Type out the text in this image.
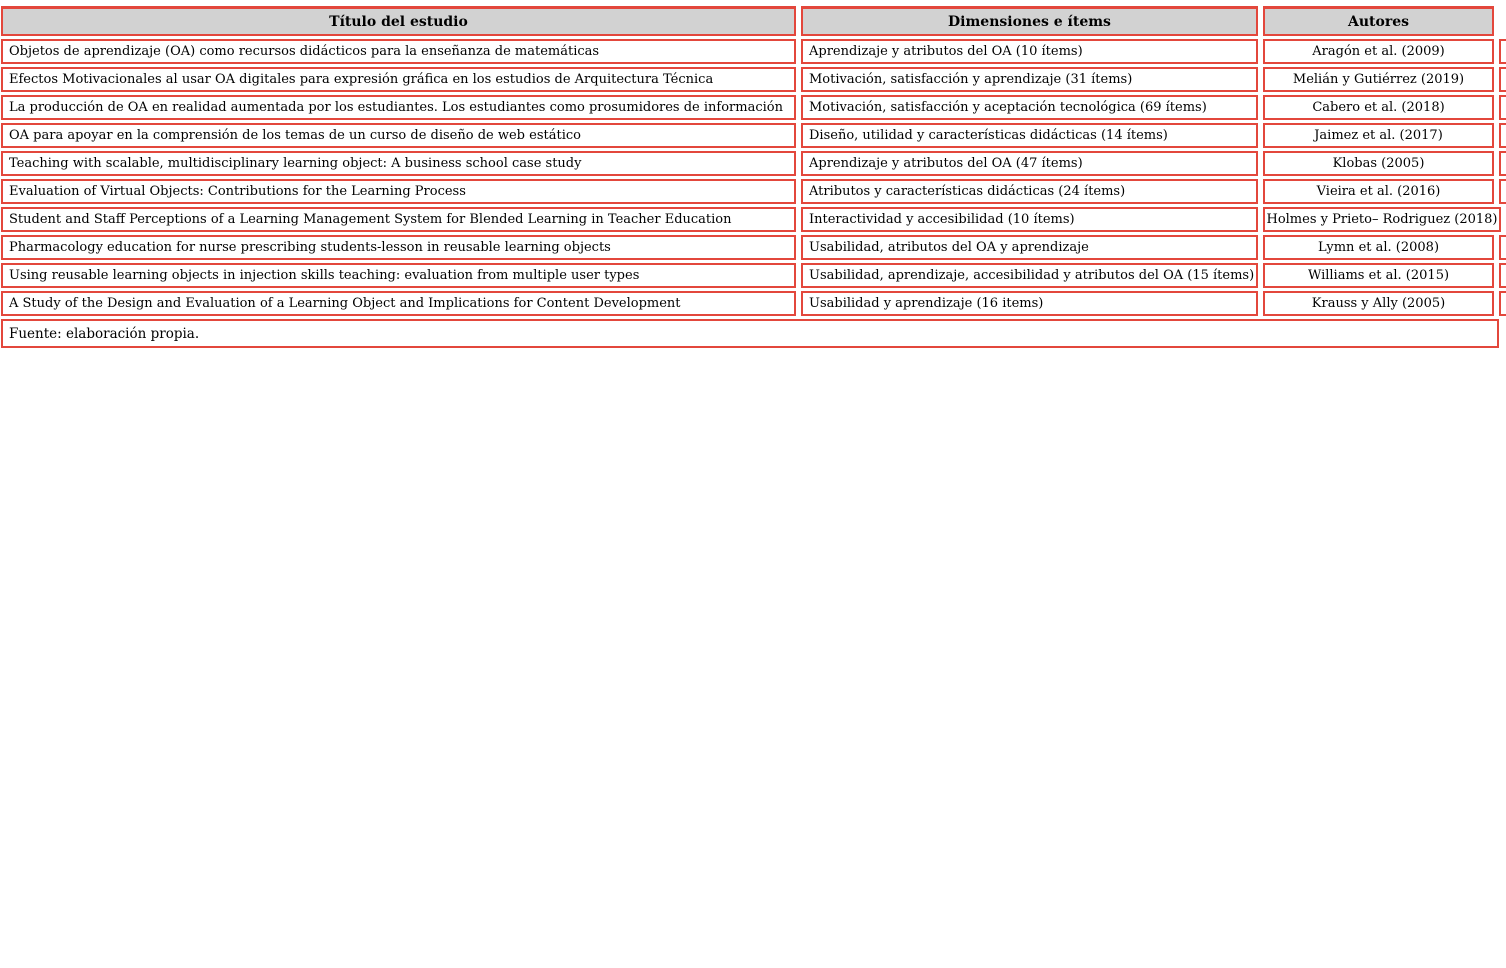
Título del estudio	Dimensiones e ítems	Autores
Objetos de aprendizaje (OA) como recursos didácticos para la enseñanza de matemáticas	Aprendizaje y atributos del OA (10 ítems)	Aragón et al. (2009)
Efectos Motivacionales al usar OA digitales para expresión gráfica en los estudios de Arquitectura Técnica	Motivación, satisfacción y aprendizaje (31 ítems)	Melián y Gutiérrez (2019)
La producción de OA en realidad aumentada por los estudiantes. Los estudiantes como prosumidores de información	Motivación, satisfacción y aceptación tecnológica (69 ítems)	Cabero et al. (2018)
OA para apoyar en la comprensión de los temas de un curso de diseño de web estático	Diseño, utilidad y características didácticas (14 ítems)	Jaimez et al. (2017)
Teaching with scalable, multidisciplinary learning object: A business school case study	Aprendizaje y atributos del OA (47 ítems)	Klobas (2005)
Evaluation of Virtual Objects: Contributions for the Learning Process	Atributos y características didácticas (24 ítems)	Vieira et al. (2016)
Student and Staff Perceptions of a Learning Management System for Blended Learning in Teacher Education	Interactividad y accesibilidad (10 ítems)	Holmes y Prieto– Rodriguez (2018)
Pharmacology education for nurse prescribing students-lesson in reusable learning objects	Usabilidad, atributos del OA y aprendizaje	Lymn et al. (2008)
Using reusable learning objects in injection skills teaching: evaluation from multiple user types	Usabilidad, aprendizaje, accesibilidad y atributos del OA (15 ítems)	Williams et al. (2015)
A Study of the Design and Evaluation of a Learning Object and Implications for Content Development	Usabilidad y aprendizaje (16 items)	Krauss y Ally (2005)
Fuente: elaboración propia.
